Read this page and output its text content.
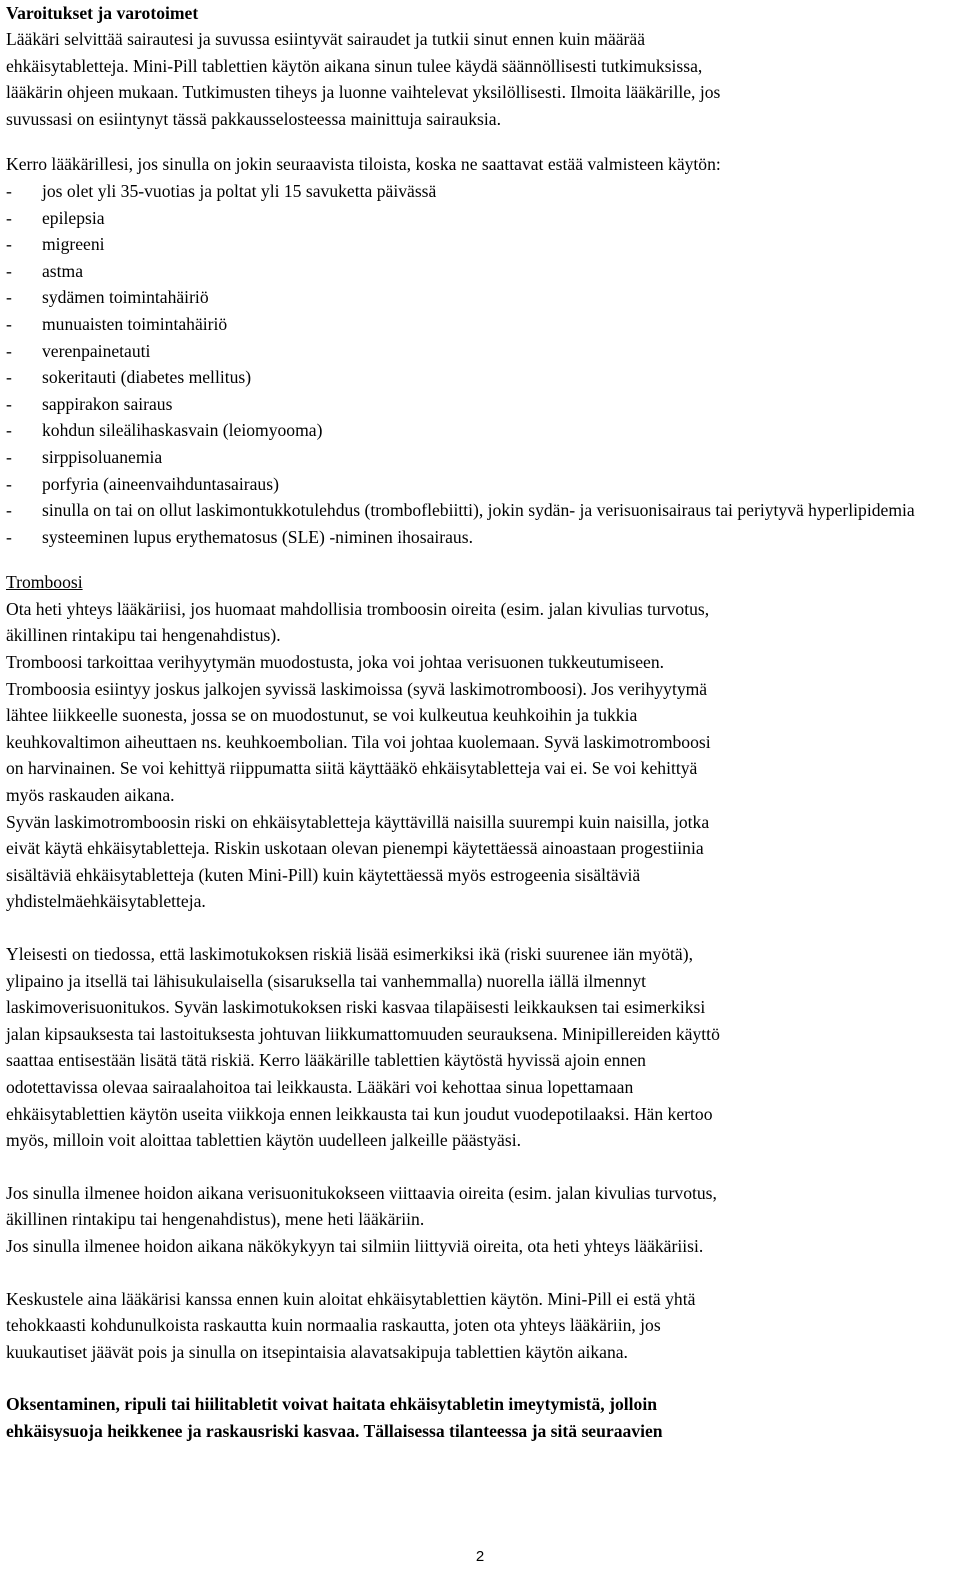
Varoitukset ja varotoimet

Lääkäri selvittää sairautesi ja suvussa esiintyvät sairaudet ja tutkii sinut ennen kuin määrää
ehkäisytabletteja. Mini-Pill tablettien käytön aikana sinun tulee käydä säännöllisesti tutkimuksissa,
lääkärin ohjeen mukaan. Tutkimusten tiheys ja luonne vaihtelevat yksilöllisesti. Ilmoita lääkärille, jos
suvussasi on esiintynyt tässä pakkausselosteessa mainittuja sairauksia.
Kerro lääkärillesi, jos sinulla on jokin seuraavista tiloista, koska ne saattavat estää valmisteen käytön:
- jos olet yli 35-vuotias ja poltat yli 15 savuketta päivässä
- epilepsia
- migreeni
- astma
- sydämen toimintahäiriö
- munuaisten toimintahäiriö
- verenpainetauti
- sokeritauti (diabetes mellitus)
- sappirakon sairaus
- kohdun sileälihaskasvain (leiomyooma)
- sirppisoluanemia
- porfyria (aineenvaihduntasairaus)
- sinulla on tai on ollut laskimontukkotulehdus (tromboflebiitti), jokin sydän- ja verisuonisairaus tai periytyvä hyperlipidemia
- systeeminen lupus erythematosus (SLE) -niminen ihosairaus.
Tromboosi
Ota heti yhteys lääkäriisi, jos huomaat mahdollisia tromboosin oireita (esim. jalan kivulias turvotus,
äkillinen rintakipu tai hengenahdistus).
Tromboosi tarkoittaa verihyytymän muodostusta, joka voi johtaa verisuonen tukkeutumiseen.
Tromboosia esiintyy joskus jalkojen syvissä laskimoissa (syvä laskimotromboosi). Jos verihyytymä
lähtee liikkeelle suonesta, jossa se on muodostunut, se voi kulkeutua keuhkoihin ja tukkia
keuhkovaltimon aiheuttaen ns. keuhkoembolian. Tila voi johtaa kuolemaan. Syvä laskimotromboosi
on harvinainen. Se voi kehittyä riippumatta siitä käyttääkö ehkäisytabletteja vai ei. Se voi kehittyä
myös raskauden aikana.
Syvän laskimotromboosin riski on ehkäisytabletteja käyttävillä naisilla suurempi kuin naisilla, jotka
eivät käytä ehkäisytabletteja. Riskin uskotaan olevan pienempi käytettäessä ainoastaan progestiinia
sisältäviä ehkäisytabletteja (kuten Mini-Pill) kuin käytettäessä myös estrogeenia sisältäviä
yhdistelmäehkäisytabletteja.
Yleisesti on tiedossa, että laskimotukoksen riskiä lisää esimerkiksi ikä (riski suurenee iän myötä),
ylipaino ja itsellä tai lähisukulaisella (sisaruksella tai vanhemmalla) nuorella iällä ilmennyt
laskimoverisuonitukos. Syvän laskimotukoksen riski kasvaa tilapäisesti leikkauksen tai esimerkiksi
jalan kipsauksesta tai lastoituksesta johtuvan liikkumattomuuden seurauksena. Minipillereiden käyttö
saattaa entisestään lisätä tätä riskiä. Kerro lääkärille tablettien käytöstä hyvissä ajoin ennen
odotettavissa olevaa sairaalahoitoa tai leikkausta. Lääkäri voi kehottaa sinua lopettamaan
ehkäisytablettien käytön useita viikkoja ennen leikkausta tai kun joudut vuodepotilaaksi. Hän kertoo
myös, milloin voit aloittaa tablettien käytön uudelleen jalkeille päästyäsi.
Jos sinulla ilmenee hoidon aikana verisuonitukokseen viittaavia oireita (esim. jalan kivulias turvotus,
äkillinen rintakipu tai hengenahdistus), mene heti lääkäriin.
Jos sinulla ilmenee hoidon aikana näkökykyyn tai silmiin liittyviä oireita, ota heti yhteys lääkäriisi.
Keskustele aina lääkärisi kanssa ennen kuin aloitat ehkäisytablettien käytön. Mini-Pill ei estä yhtä
tehokkaasti kohdunulkoista raskautta kuin normaalia raskautta, joten ota yhteys lääkäriin, jos
kuukautiset jäävät pois ja sinulla on itsepintaisia alavatsakipuja tablettien käytön aikana.
Oksentaminen, ripuli tai hiilitabletit voivat haitata ehkäisytabletin imeytymistä, jolloin
ehkäisysuoja heikkenee ja raskausriski kasvaa. Tällaisessa tilanteessa ja sitä seuraavien
2
